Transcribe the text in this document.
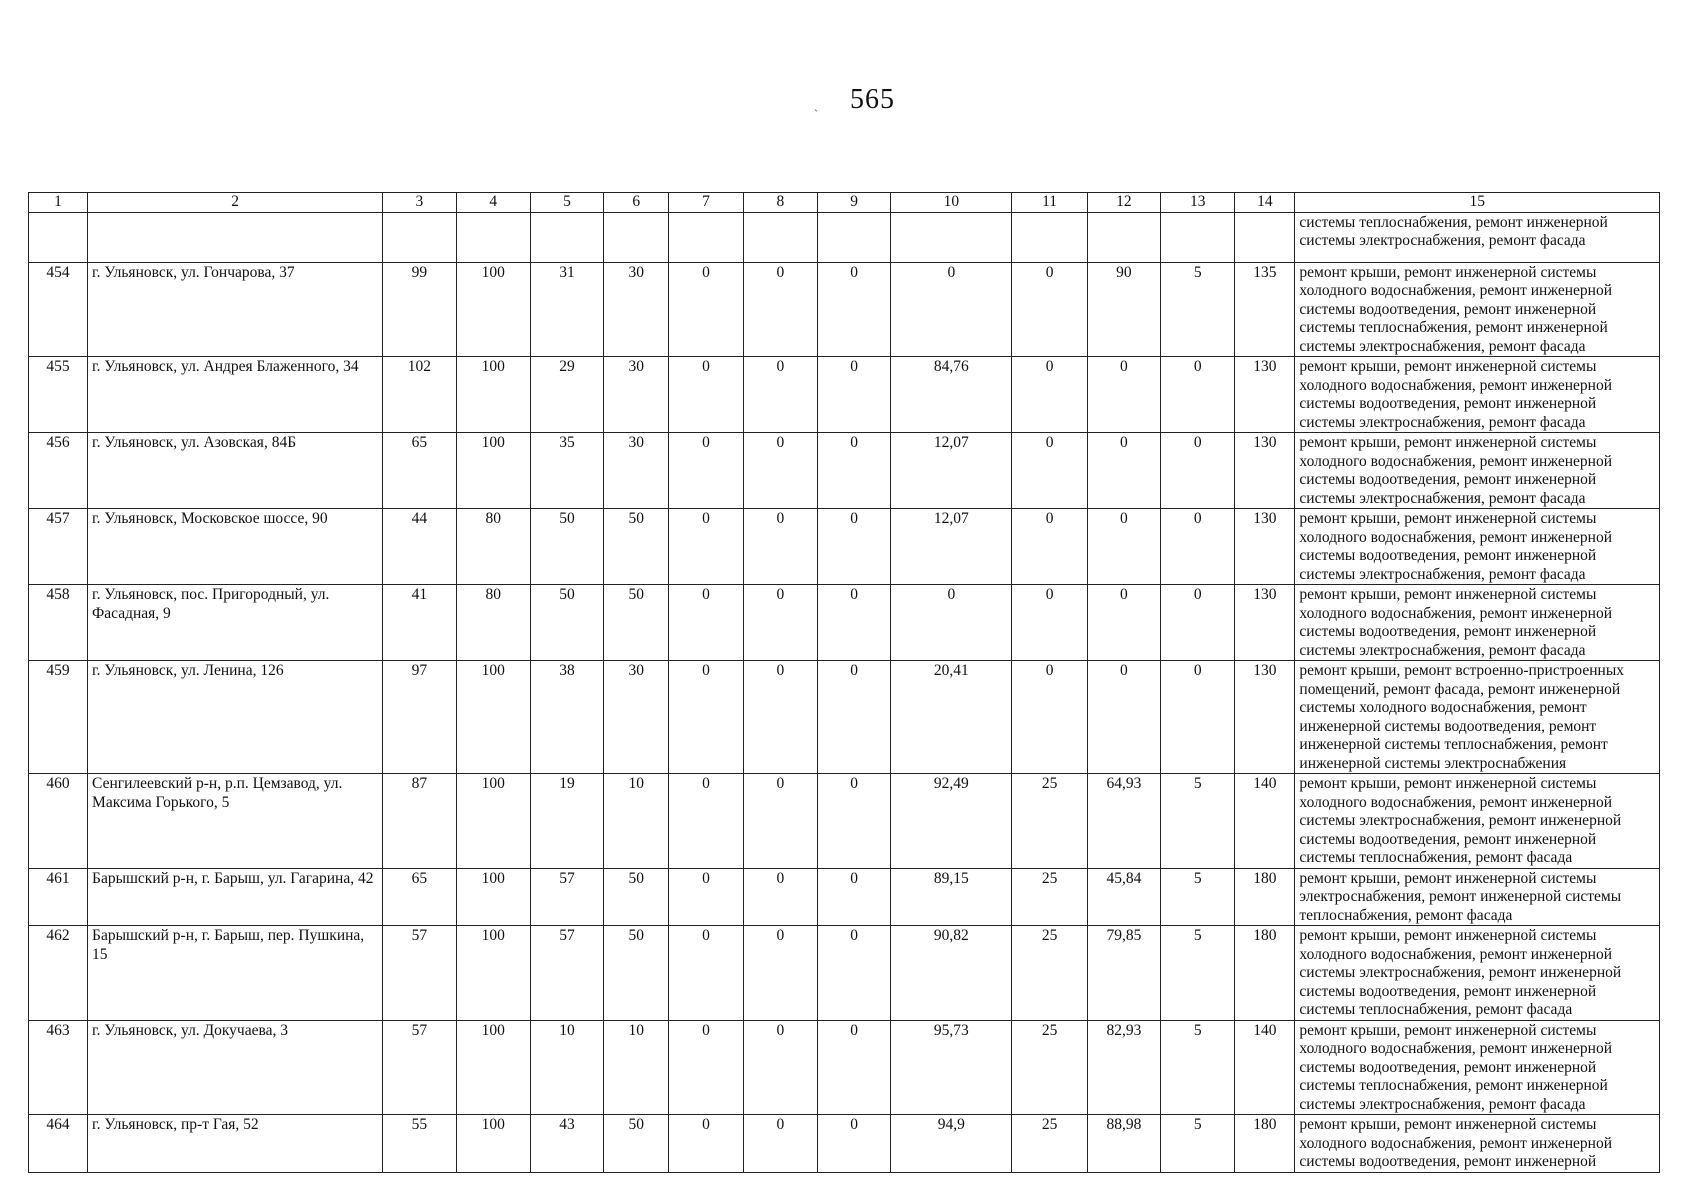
ˏ 565
1	2	3	4	5	6	7	8	9	10	11	12	13	14	15
														системы теплоснабжения, ремонт инженерной системы электроснабжения, ремонт фасада
454	г. Ульяновск, ул. Гончарова, 37	99	100	31	30	0	0	0	0	0	90	5	135	ремонт крыши, ремонт инженерной системы холодного водоснабжения, ремонт инженерной системы водоотведения, ремонт инженерной системы теплоснабжения, ремонт инженерной системы электроснабжения, ремонт фасада
455	г. Ульяновск, ул. Андрея Блаженного, 34	102	100	29	30	0	0	0	84,76	0	0	0	130	ремонт крыши, ремонт инженерной системы холодного водоснабжения, ремонт инженерной системы водоотведения, ремонт инженерной системы электроснабжения, ремонт фасада
456	г. Ульяновск, ул. Азовская, 84Б	65	100	35	30	0	0	0	12,07	0	0	0	130	ремонт крыши, ремонт инженерной системы холодного водоснабжения, ремонт инженерной системы водоотведения, ремонт инженерной системы электроснабжения, ремонт фасада
457	г. Ульяновск, Московское шоссе, 90	44	80	50	50	0	0	0	12,07	0	0	0	130	ремонт крыши, ремонт инженерной системы холодного водоснабжения, ремонт инженерной системы водоотведения, ремонт инженерной системы электроснабжения, ремонт фасада
458	г. Ульяновск, пос. Пригородный, ул. Фасадная, 9	41	80	50	50	0	0	0	0	0	0	0	130	ремонт крыши, ремонт инженерной системы холодного водоснабжения, ремонт инженерной системы водоотведения, ремонт инженерной системы электроснабжения, ремонт фасада
459	г. Ульяновск, ул. Ленина, 126	97	100	38	30	0	0	0	20,41	0	0	0	130	ремонт крыши, ремонт встроенно-пристроенных помещений, ремонт фасада, ремонт инженерной системы холодного водоснабжения, ремонт инженерной системы водоотведения, ремонт инженерной системы теплоснабжения, ремонт инженерной системы электроснабжения
460	Сенгилеевский р-н, р.п. Цемзавод, ул. Максима Горького, 5	87	100	19	10	0	0	0	92,49	25	64,93	5	140	ремонт крыши, ремонт инженерной системы холодного водоснабжения, ремонт инженерной системы электроснабжения, ремонт инженерной системы водоотведения, ремонт инженерной системы теплоснабжения, ремонт фасада
461	Барышский р-н, г. Барыш, ул. Гагарина, 42	65	100	57	50	0	0	0	89,15	25	45,84	5	180	ремонт крыши, ремонт инженерной системы электроснабжения, ремонт инженерной системы теплоснабжения, ремонт фасада
462	Барышский р-н, г. Барыш, пер. Пушкина, 15	57	100	57	50	0	0	0	90,82	25	79,85	5	180	ремонт крыши, ремонт инженерной системы холодного водоснабжения, ремонт инженерной системы электроснабжения, ремонт инженерной системы водоотведения, ремонт инженерной системы теплоснабжения, ремонт фасада
463	г. Ульяновск, ул. Докучаева, 3	57	100	10	10	0	0	0	95,73	25	82,93	5	140	ремонт крыши, ремонт инженерной системы холодного водоснабжения, ремонт инженерной системы водоотведения, ремонт инженерной системы теплоснабжения, ремонт инженерной системы электроснабжения, ремонт фасада
464	г. Ульяновск, пр-т Гая, 52	55	100	43	50	0	0	0	94,9	25	88,98	5	180	ремонт крыши, ремонт инженерной системы холодного водоснабжения, ремонт инженерной системы водоотведения, ремонт инженерной
